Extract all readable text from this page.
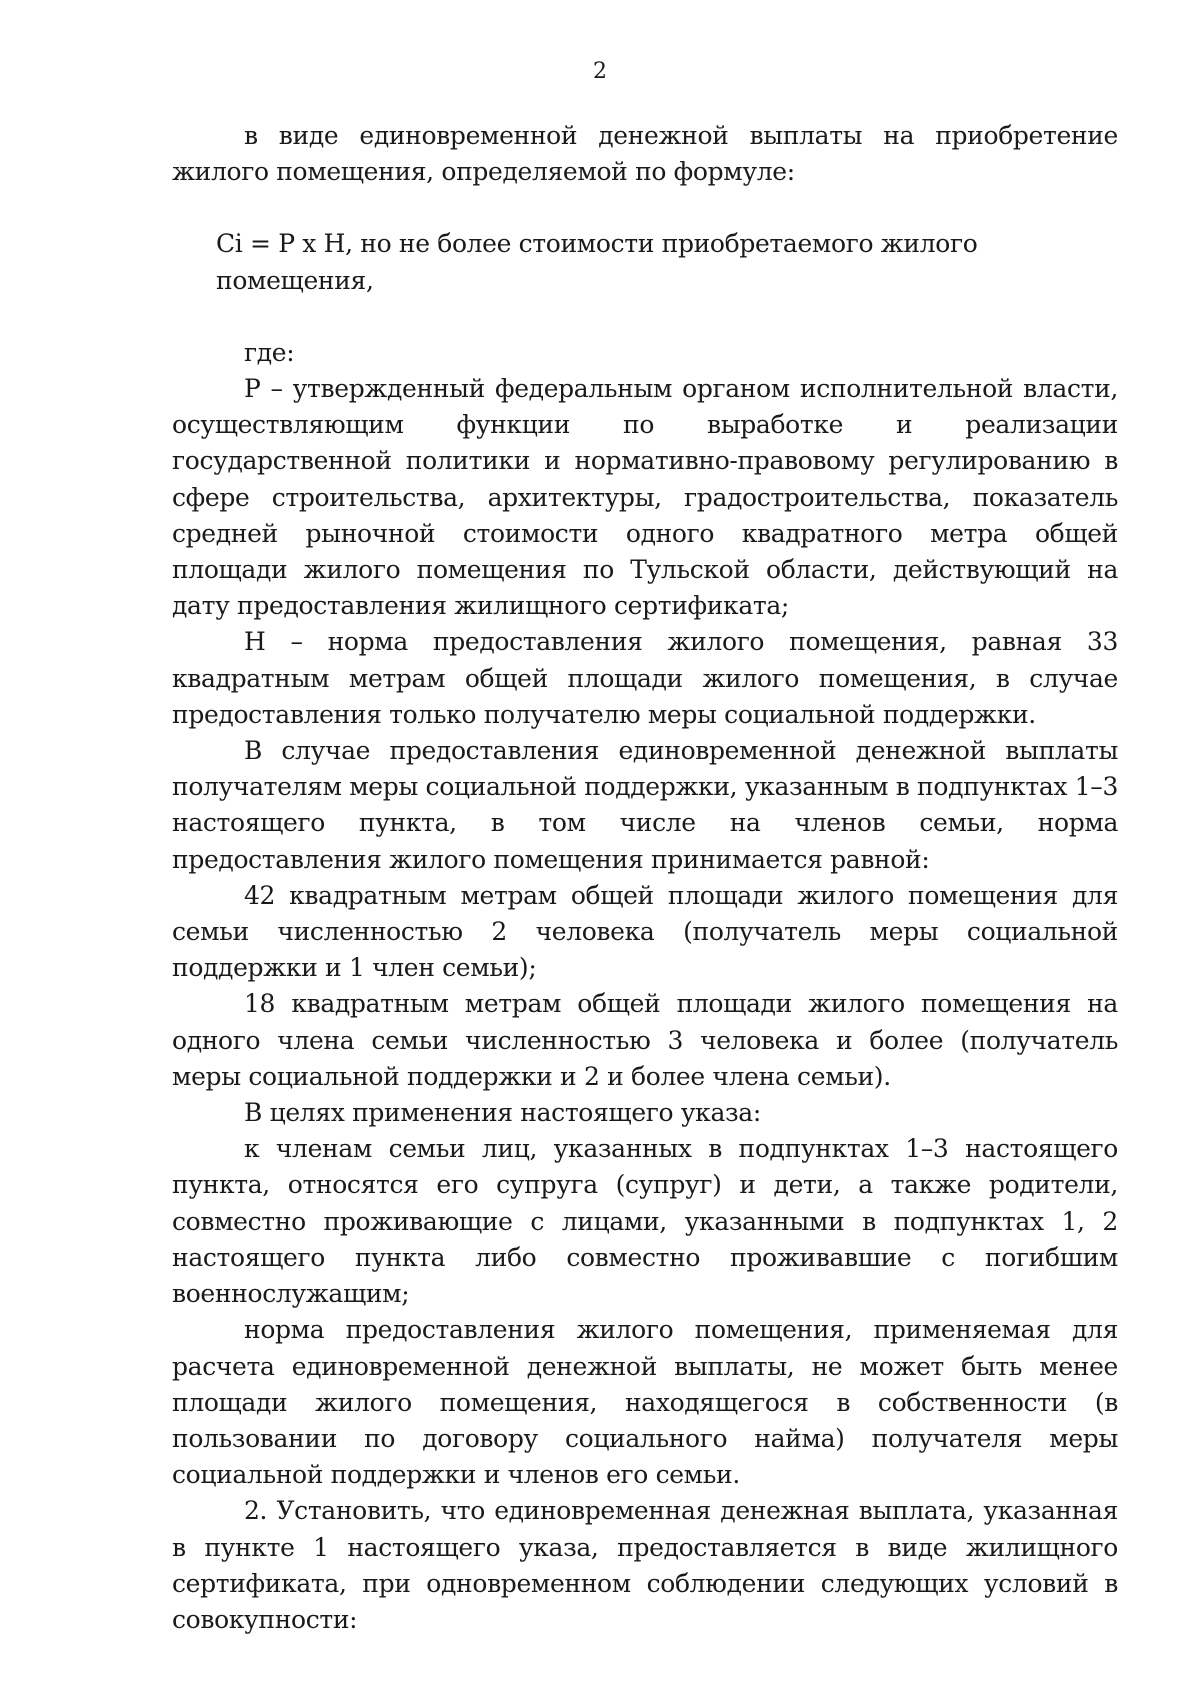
2

в виде единовременной денежной выплаты на приобретение жилого помещения, определяемой по формуле:

Ci = P x H, но не более стоимости приобретаемого жилого помещения,

где:

P – утвержденный федеральным органом исполнительной власти, осуществляющим функции по выработке и реализации государственной политики и нормативно-правовому регулированию в сфере строительства, архитектуры, градостроительства, показатель средней рыночной стоимости одного квадратного метра общей площади жилого помещения по Тульской области, действующий на дату предоставления жилищного сертификата;

H – норма предоставления жилого помещения, равная 33 квадратным метрам общей площади жилого помещения, в случае предоставления только получателю меры социальной поддержки.

В случае предоставления единовременной денежной выплаты получателям меры социальной поддержки, указанным в подпунктах 1–3 настоящего пункта, в том числе на членов семьи, норма предоставления жилого помещения принимается равной:

42 квадратным метрам общей площади жилого помещения для семьи численностью 2 человека (получатель меры социальной поддержки и 1 член семьи);

18 квадратным метрам общей площади жилого помещения на одного члена семьи численностью 3 человека и более (получатель меры социальной поддержки и 2 и более члена семьи).

В целях применения настоящего указа:

к членам семьи лиц, указанных в подпунктах 1–3 настоящего пункта, относятся его супруга (супруг) и дети, а также родители, совместно проживающие с лицами, указанными в подпунктах 1, 2 настоящего пункта либо совместно проживавшие с погибшим военнослужащим;

норма предоставления жилого помещения, применяемая для расчета единовременной денежной выплаты, не может быть менее площади жилого помещения, находящегося в собственности (в пользовании по договору социального найма) получателя меры социальной поддержки и членов его семьи.

2. Установить, что единовременная денежная выплата, указанная в пункте 1 настоящего указа, предоставляется в виде жилищного сертификата, при одновременном соблюдении следующих условий в совокупности:
